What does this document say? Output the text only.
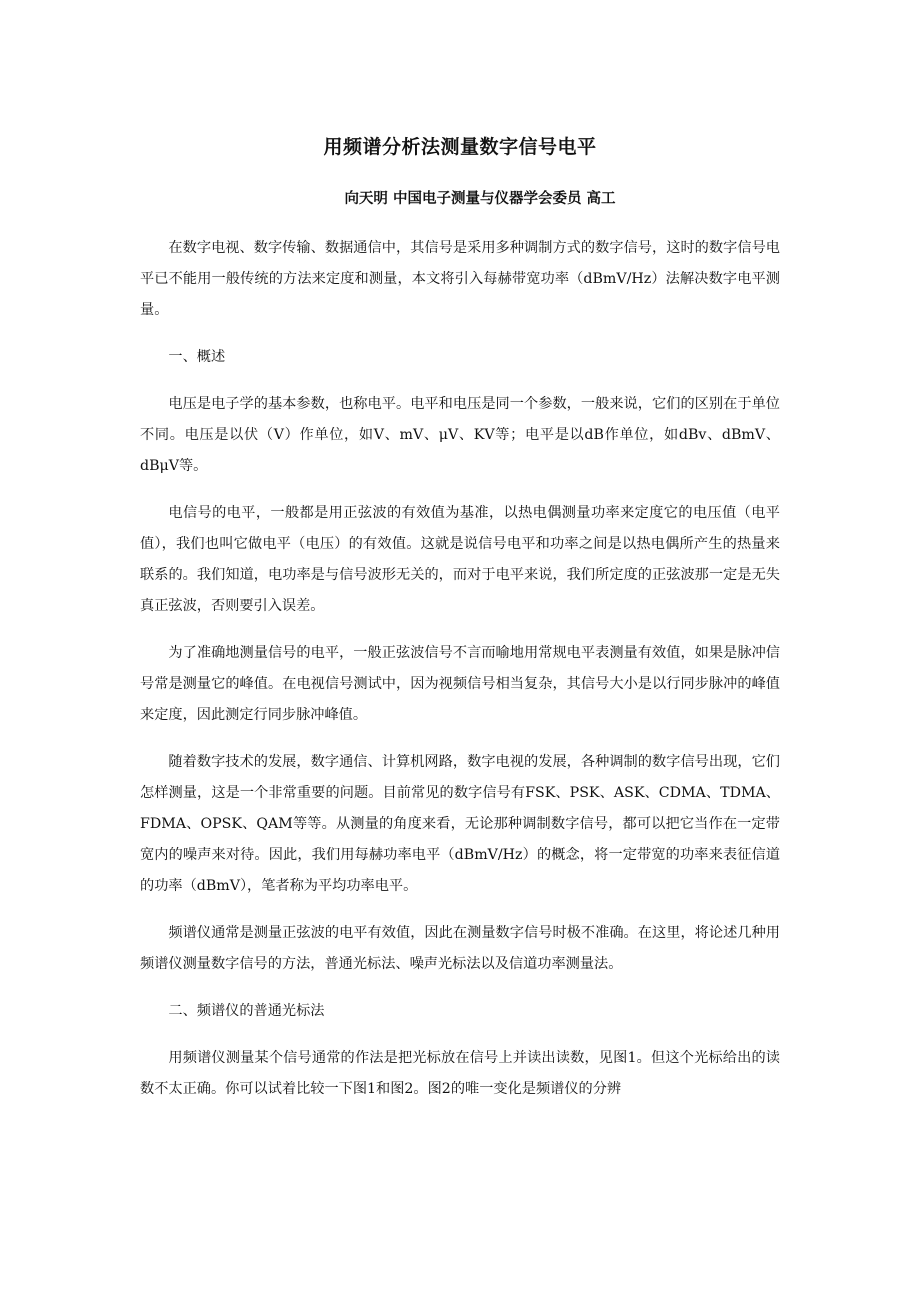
用频谱分析法测量数字信号电平
向天明 中国电子测量与仪器学会委员 高工

在数字电视、数字传输、数据通信中，其信号是采用多种调制方式的数字信号，这时的数字信号电平已不能用一般传统的方法来定度和测量，本文将引入每赫带宽功率（dBmV/Hz）法解决数字电平测量。

一、概述

电压是电子学的基本参数，也称电平。电平和电压是同一个参数，一般来说，它们的区别在于单位不同。电压是以伏（V）作单位，如V、mV、μV、KV等；电平是以dB作单位，如dBv、dBmV、dBμV等。

电信号的电平，一般都是用正弦波的有效值为基准，以热电偶测量功率来定度它的电压值（电平值），我们也叫它做电平（电压）的有效值。这就是说信号电平和功率之间是以热电偶所产生的热量来联系的。我们知道，电功率是与信号波形无关的，而对于电平来说，我们所定度的正弦波那一定是无失真正弦波，否则要引入误差。

为了准确地测量信号的电平，一般正弦波信号不言而喻地用常规电平表测量有效值，如果是脉冲信号常是测量它的峰值。在电视信号测试中，因为视频信号相当复杂，其信号大小是以行同步脉冲的峰值来定度，因此测定行同步脉冲峰值。

随着数字技术的发展，数字通信、计算机网路，数字电视的发展，各种调制的数字信号出现，它们怎样测量，这是一个非常重要的问题。目前常见的数字信号有FSK、PSK、ASK、CDMA、TDMA、FDMA、OPSK、QAM等等。从测量的角度来看，无论那种调制数字信号，都可以把它当作在一定带宽内的噪声来对待。因此，我们用每赫功率电平（dBmV/Hz）的概念，将一定带宽的功率来表征信道的功率（dBmV），笔者称为平均功率电平。

频谱仪通常是测量正弦波的电平有效值，因此在测量数字信号时极不准确。在这里，将论述几种用频谱仪测量数字信号的方法，普通光标法、噪声光标法以及信道功率测量法。

二、频谱仪的普通光标法

用频谱仪测量某个信号通常的作法是把光标放在信号上并读出读数，见图1。但这个光标给出的读数不太正确。你可以试着比较一下图1和图2。图2的唯一变化是频谱仪的分辨
